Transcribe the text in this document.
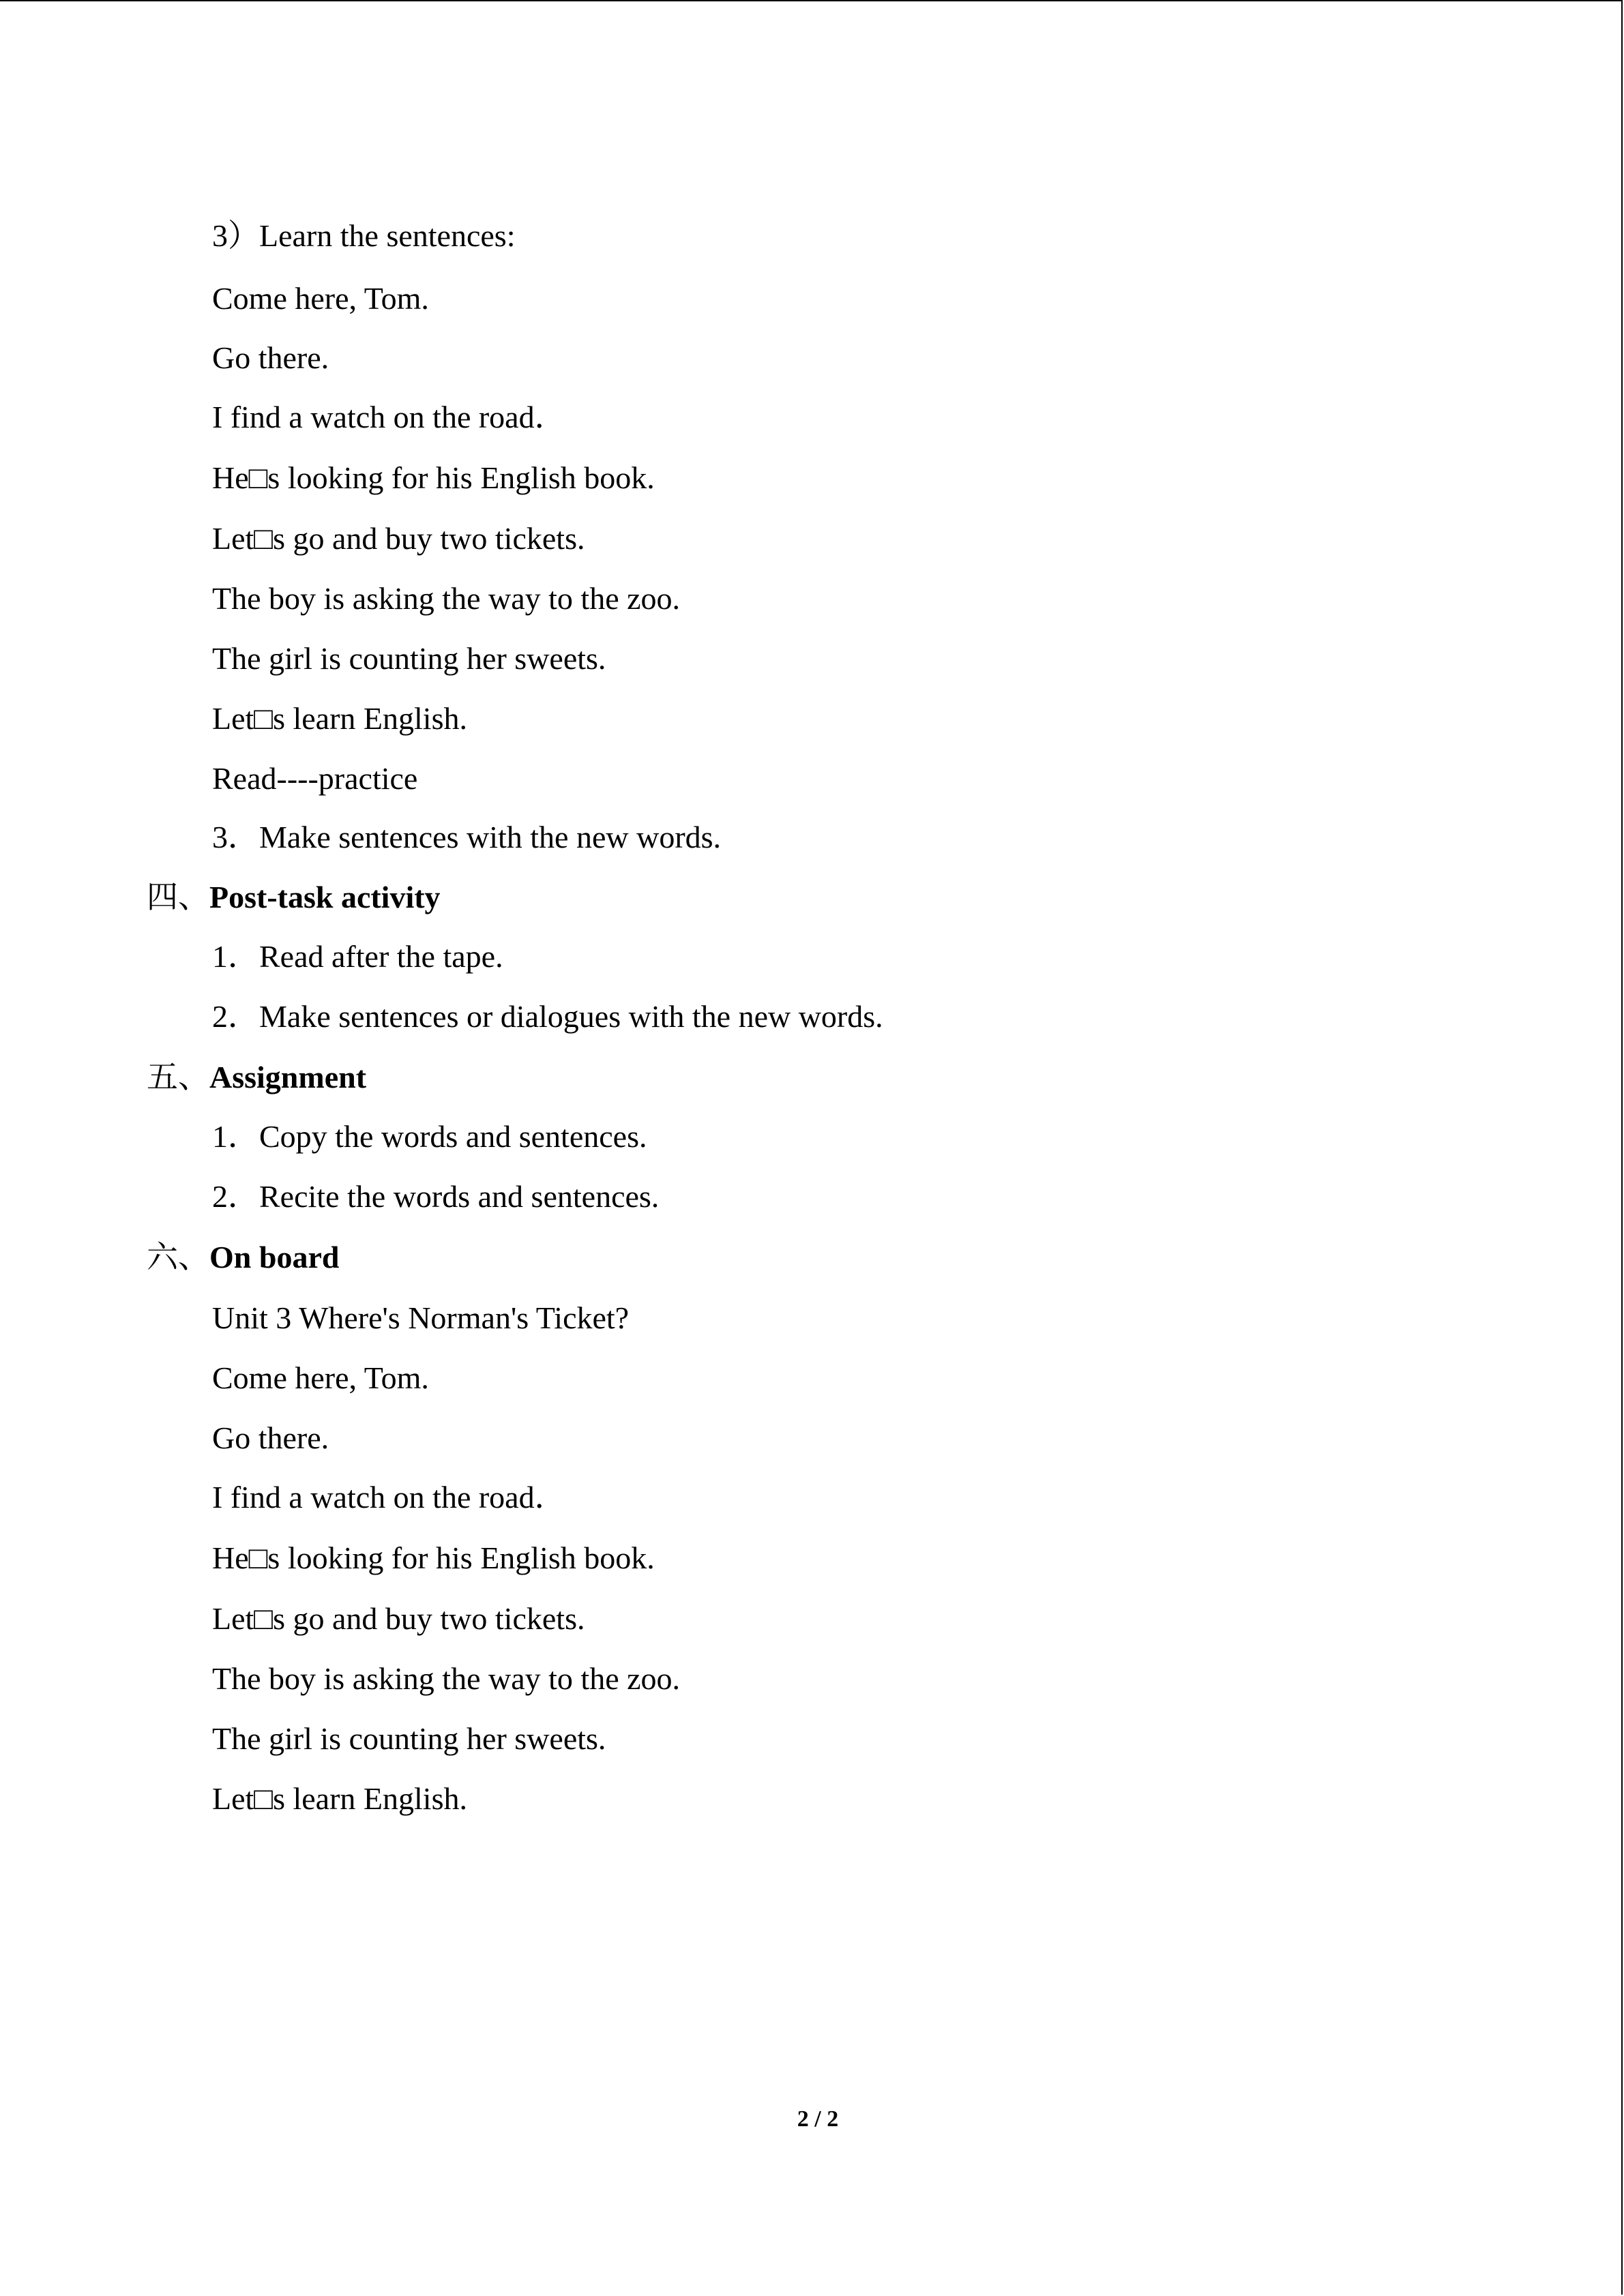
3）Learn the sentences:
Come here, Tom.
Go there.
I find a watch on the road．
He□s looking for his English book.
Let□s go and buy two tickets.
The boy is asking the way to the zoo.
The girl is counting her sweets.
Let□s learn English.
Read----practice
3．Make sentences with the new words.
四、Post-task activity
1．Read after the tape.
2．Make sentences or dialogues with the new words.
五、Assignment
1．Copy the words and sentences.
2．Recite the words and sentences.
六、On board
Unit 3 Where's Norman's Ticket?
Come here, Tom.
Go there.
I find a watch on the road．
He□s looking for his English book.
Let□s go and buy two tickets.
The boy is asking the way to the zoo.
The girl is counting her sweets.
Let□s learn English.
2 / 2
